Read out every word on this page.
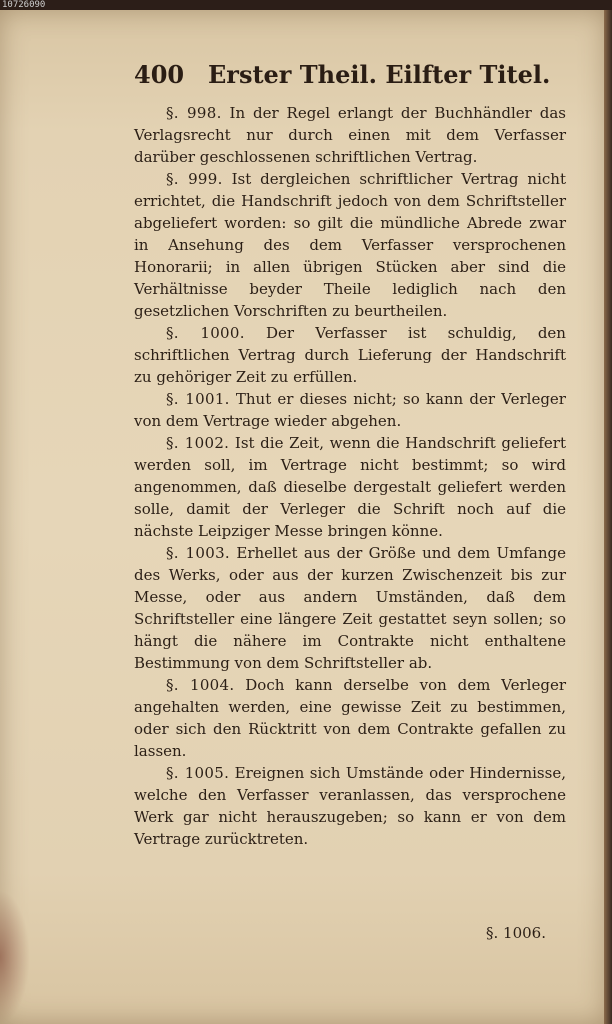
10726090
400 Erster Theil. Eilfter Titel.

§. 998. In der Regel erlangt der Buchhändler das Verlagsrecht nur durch einen mit dem Verfasser darüber geschlossenen schriftlichen Vertrag.

§. 999. Ist dergleichen schriftlicher Vertrag nicht errichtet, die Handschrift jedoch von dem Schriftsteller abgeliefert worden: so gilt die mündliche Abrede zwar in Ansehung des dem Verfasser versprochenen Honorarii; in allen übrigen Stücken aber sind die Verhältnisse beyder Theile lediglich nach den gesetzlichen Vorschriften zu beurtheilen.

§. 1000. Der Verfasser ist schuldig, den schriftlichen Vertrag durch Lieferung der Handschrift zu gehöriger Zeit zu erfüllen.

§. 1001. Thut er dieses nicht; so kann der Verleger von dem Vertrage wieder abgehen.

§. 1002. Ist die Zeit, wenn die Handschrift geliefert werden soll, im Vertrage nicht bestimmt; so wird angenommen, daß dieselbe dergestalt geliefert werden solle, damit der Verleger die Schrift noch auf die nächste Leipziger Messe bringen könne.

§. 1003. Erhellet aus der Größe und dem Umfange des Werks, oder aus der kurzen Zwischenzeit bis zur Messe, oder aus andern Umständen, daß dem Schriftsteller eine längere Zeit gestattet seyn sollen; so hängt die nähere im Contrakte nicht enthaltene Bestimmung von dem Schriftsteller ab.

§. 1004. Doch kann derselbe von dem Verleger angehalten werden, eine gewisse Zeit zu bestimmen, oder sich den Rücktritt von dem Contrakte gefallen zu lassen.

§. 1005. Ereignen sich Umstände oder Hindernisse, welche den Verfasser veranlassen, das versprochene Werk gar nicht herauszugeben; so kann er von dem Vertrage zurücktreten.

§. 1006.
